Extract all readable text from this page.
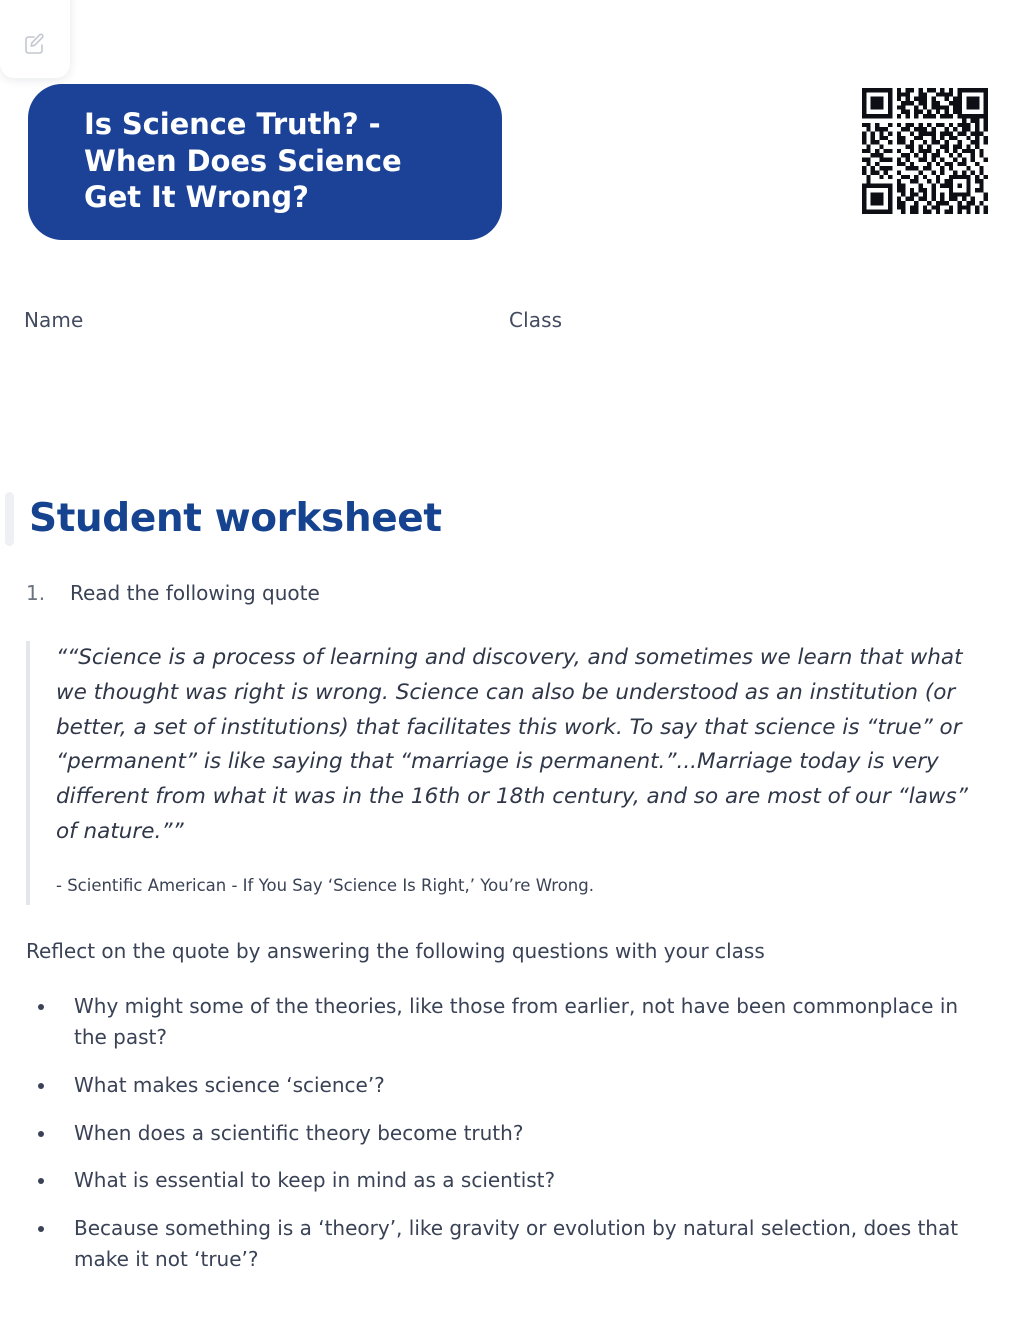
Is Science Truth? -
When Does Science
Get It Wrong?
Name	Class
Student worksheet
1.	Read the following quote

““Science is a process of learning and discovery, and sometimes we learn that what we thought was right is wrong. Science can also be understood as an institution (or better, a set of institutions) that facilitates this work. To say that science is “true” or “permanent” is like saying that “marriage is permanent.”...Marriage today is very different from what it was in the 16th or 18th century, and so are most of our “laws” of nature.””

- Scientific American - If You Say ‘Science Is Right,’ You’re Wrong.

Reflect on the quote by answering the following questions with your class

Why might some of the theories, like those from earlier, not have been commonplace in the past?
What makes science ‘science’?
When does a scientific theory become truth?
What is essential to keep in mind as a scientist?
Because something is a ‘theory’, like gravity or evolution by natural selection, does that make it not ‘true’?
